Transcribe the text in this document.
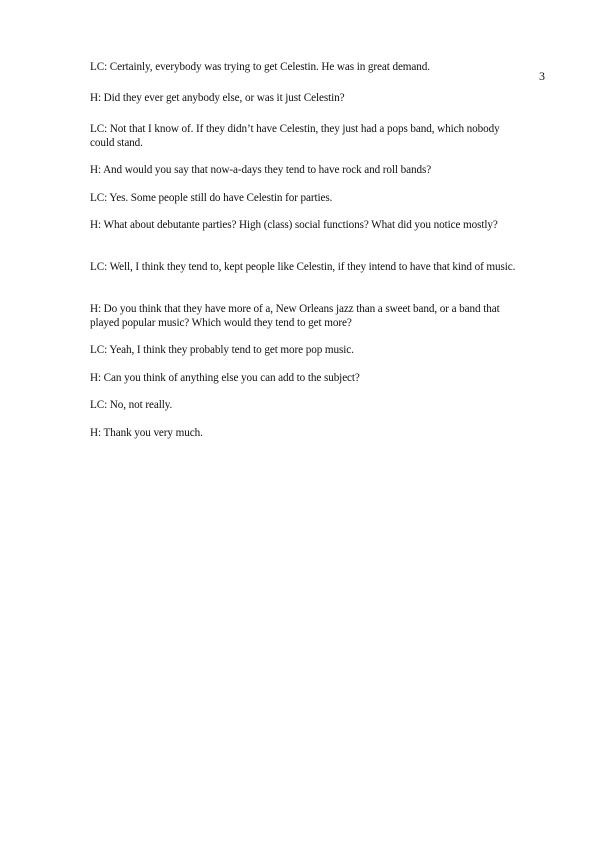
3

LC: Certainly, everybody was trying to get Celestin. He was in great demand.

H: Did they ever get anybody else, or was it just Celestin?

LC: Not that I know of. If they didn’t have Celestin, they just had a pops band, which nobody could stand.

H: And would you say that now-a-days they tend to have rock and roll bands?

LC: Yes. Some people still do have Celestin for parties.

H: What about debutante parties? High (class) social functions? What did you notice mostly?

LC: Well, I think they tend to, kept people like Celestin, if they intend to have that kind of music.

H: Do you think that they have more of a, New Orleans jazz than a sweet band, or a band that played popular music? Which would they tend to get more?

LC: Yeah, I think they probably tend to get more pop music.

H: Can you think of anything else you can add to the subject?

LC: No, not really.

H: Thank you very much.
